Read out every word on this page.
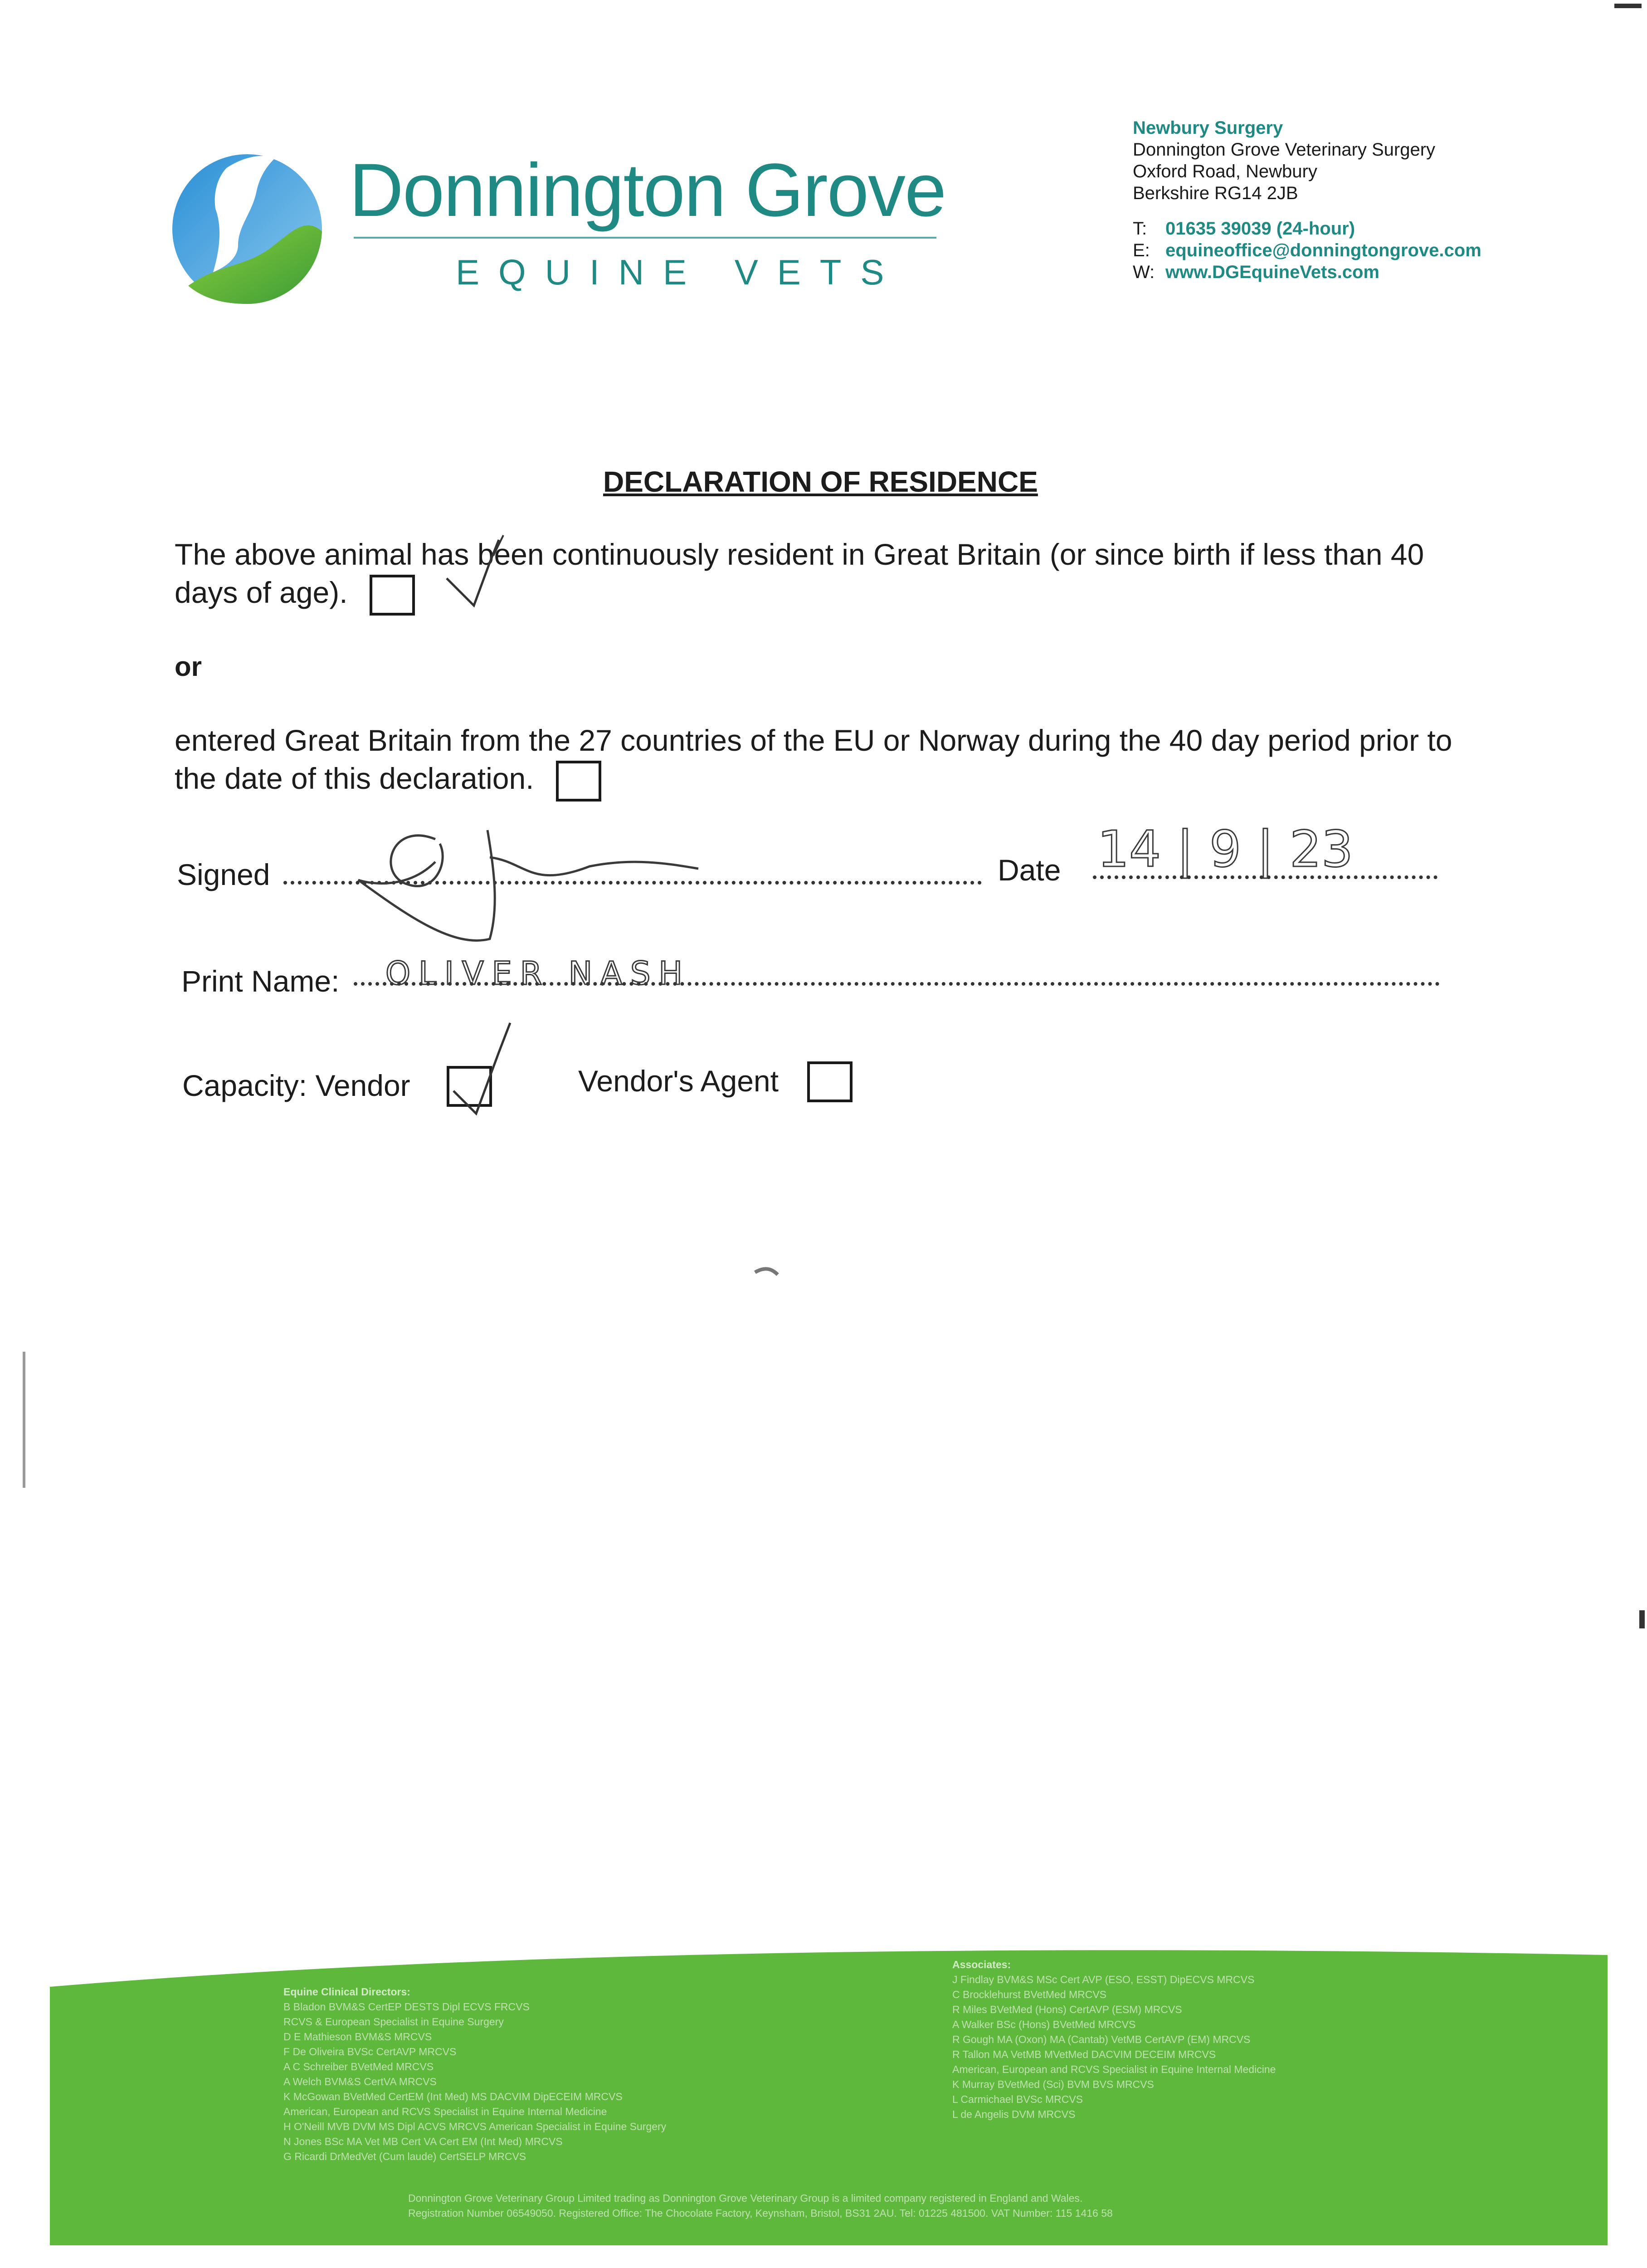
Donnington Grove
EQUINE VETS
Newbury Surgery
Donnington Grove Veterinary Surgery
Oxford Road, Newbury
Berkshire RG14 2JB
T: 01635 39039 (24-hour)
E: equineoffice@donningtongrove.com
W: www.DGEquineVets.com
DECLARATION OF RESIDENCE
The above animal has been continuously resident in Great Britain (or since birth if less than 40 days of age).
or
entered Great Britain from the 27 countries of the EU or Norway during the 40 day period prior to the date of this declaration.
Signed	Date
Print Name:
Capacity: Vendor	Vendor's Agent
14 | 9 | 23
OLIVER NASH
Equine Clinical Directors:
B Bladon BVM&S CertEP DESTS Dipl ECVS FRCVS
RCVS & European Specialist in Equine Surgery
D E Mathieson BVM&S MRCVS
F De Oliveira BVSc CertAVP MRCVS
A C Schreiber BVetMed MRCVS
A Welch BVM&S CertVA MRCVS
K McGowan BVetMed CertEM (Int Med) MS DACVIM DipECEIM MRCVS
American, European and RCVS Specialist in Equine Internal Medicine
H O'Neill MVB DVM MS Dipl ACVS MRCVS American Specialist in Equine Surgery
N Jones BSc MA Vet MB Cert VA Cert EM (Int Med) MRCVS
G Ricardi DrMedVet (Cum laude) CertSELP MRCVS
Associates:
J Findlay BVM&S MSc Cert AVP (ESO, ESST) DipECVS MRCVS
C Brocklehurst BVetMed MRCVS
R Miles BVetMed (Hons) CertAVP (ESM) MRCVS
A Walker BSc (Hons) BVetMed MRCVS
R Gough MA (Oxon) MA (Cantab) VetMB CertAVP (EM) MRCVS
R Tallon MA VetMB MVetMed DACVIM DECEIM MRCVS
American, European and RCVS Specialist in Equine Internal Medicine
K Murray BVetMed (Sci) BVM BVS MRCVS
L Carmichael BVSc MRCVS
L de Angelis DVM MRCVS
Donnington Grove Veterinary Group Limited trading as Donnington Grove Veterinary Group is a limited company registered in England and Wales.
Registration Number 06549050. Registered Office: The Chocolate Factory, Keynsham, Bristol, BS31 2AU. Tel: 01225 481500. VAT Number: 115 1416 58
